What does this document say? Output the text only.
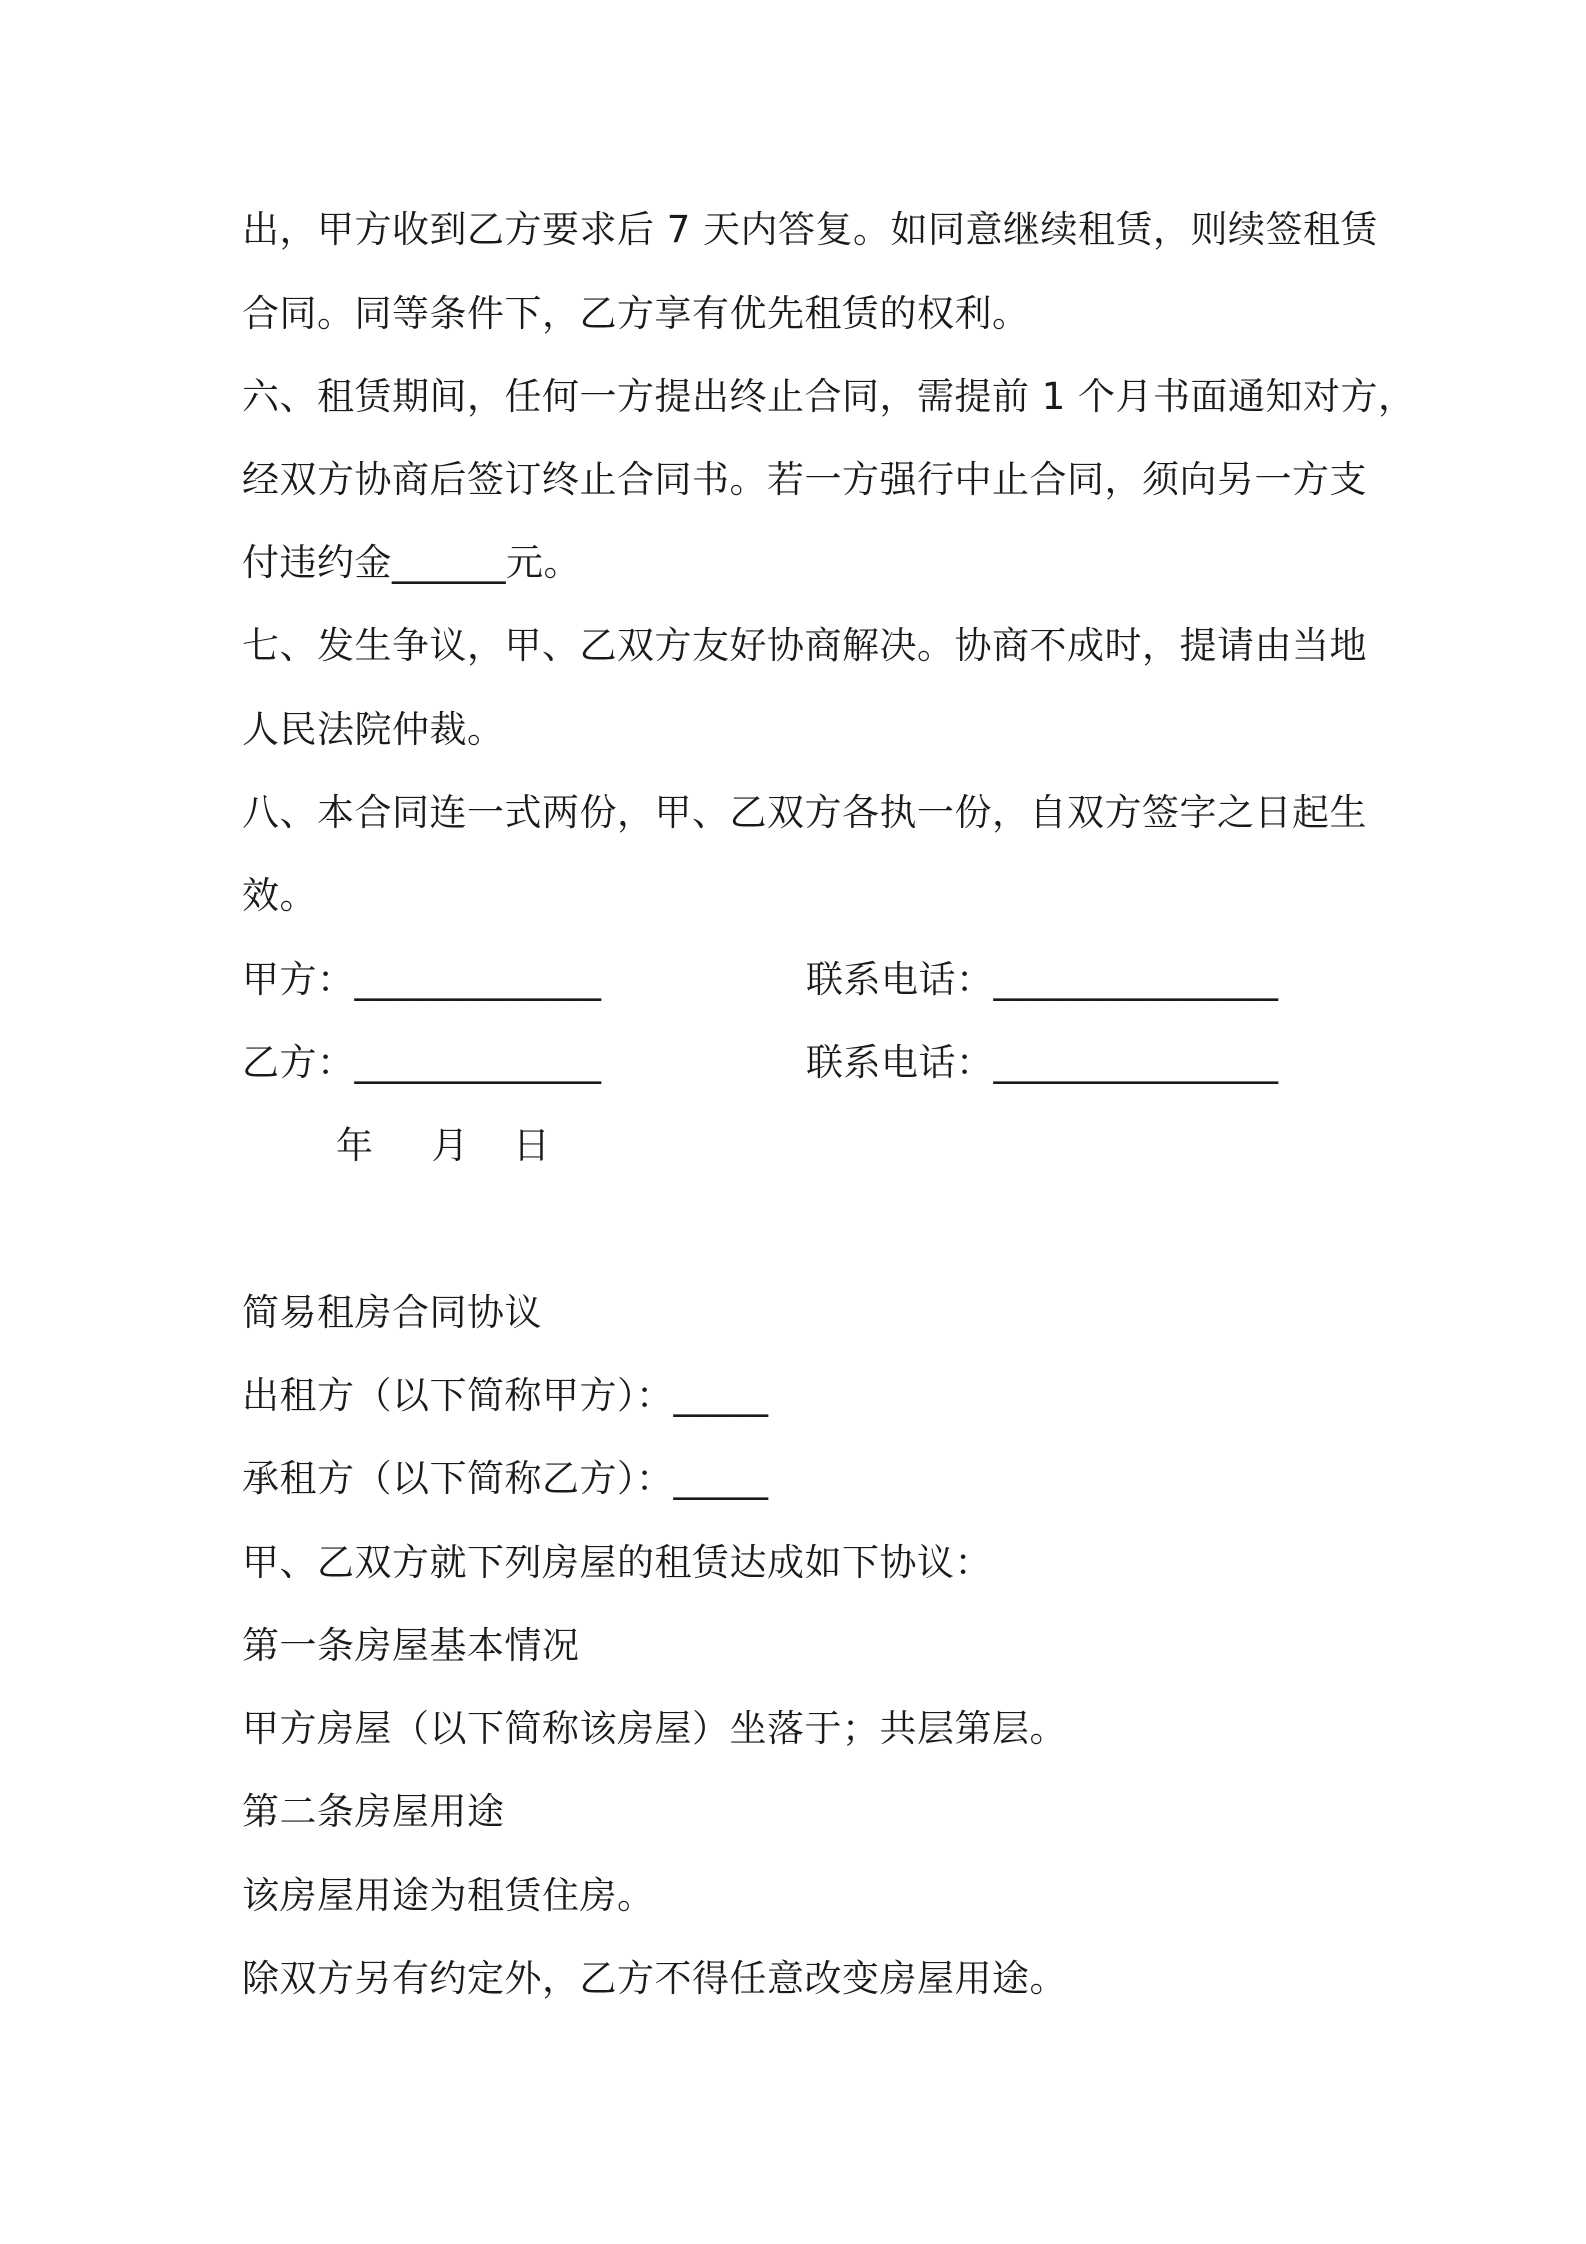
出，甲方收到乙方要求后 7 天内答复。如同意继续租赁，则续签租赁
合同。同等条件下，乙方享有优先租赁的权利。
六、租赁期间，任何一方提出终止合同，需提前 1 个月书面通知对方，
经双方协商后签订终止合同书。若一方强行中止合同，须向另一方支
付违约金______元。
七、发生争议，甲、乙双方友好协商解决。协商不成时，提请由当地
人民法院仲裁。
八、本合同连一式两份，甲、乙双方各执一份，自双方签字之日起生
效。
甲方：_____________	联系电话：_______________
乙方：_____________	联系电话：_______________
年 月 日
简易租房合同协议
出租方（以下简称甲方）：_____
承租方（以下简称乙方）：_____
甲、乙双方就下列房屋的租赁达成如下协议：
第一条房屋基本情况
甲方房屋（以下简称该房屋）坐落于；共层第层。
第二条房屋用途
该房屋用途为租赁住房。
除双方另有约定外，乙方不得任意改变房屋用途。
